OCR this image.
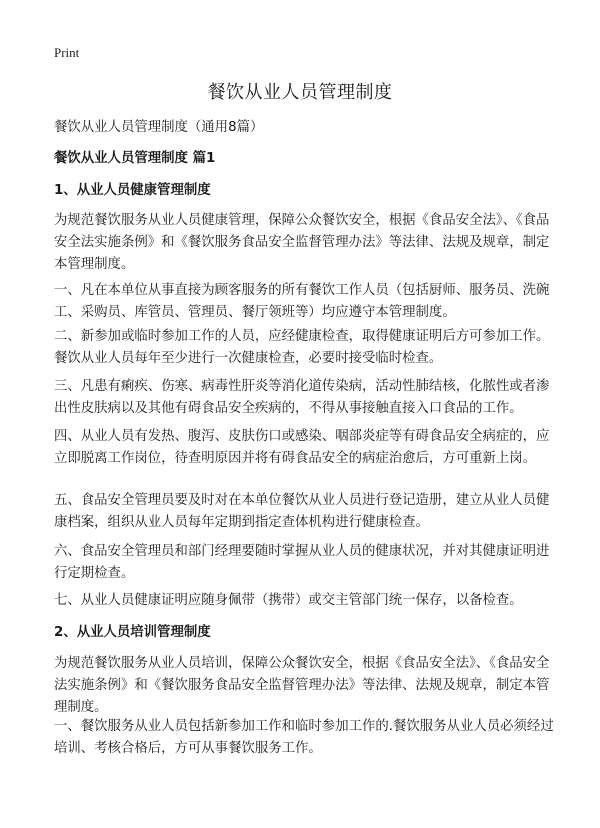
Print
餐饮从业人员管理制度

餐饮从业人员管理制度（通用8篇）

餐饮从业人员管理制度 篇1

1、从业人员健康管理制度

为规范餐饮服务从业人员健康管理，保障公众餐饮安全，根据《食品安全法》、《食品安全法实施条例》和《餐饮服务食品安全监督管理办法》等法律、法规及规章，制定本管理制度。

一、凡在本单位从事直接为顾客服务的所有餐饮工作人员（包括厨师、服务员、洗碗工、采购员、库管员、管理员、餐厅领班等）均应遵守本管理制度。

二、新参加或临时参加工作的人员，应经健康检查，取得健康证明后方可参加工作。餐饮从业人员每年至少进行一次健康检查，必要时接受临时检查。

三、凡患有痢疾、伤寒、病毒性肝炎等消化道传染病，活动性肺结核，化脓性或者渗出性皮肤病以及其他有碍食品安全疾病的，不得从事接触直接入口食品的工作。

四、从业人员有发热、腹泻、皮肤伤口或感染、咽部炎症等有碍食品安全病症的，应立即脱离工作岗位，待查明原因并将有碍食品安全的病症治愈后，方可重新上岗。

五、食品安全管理员要及时对在本单位餐饮从业人员进行登记造册，建立从业人员健康档案，组织从业人员每年定期到指定查体机构进行健康检查。

六、食品安全管理员和部门经理要随时掌握从业人员的健康状况，并对其健康证明进行定期检查。

七、从业人员健康证明应随身佩带（携带）或交主管部门统一保存，以备检查。

2、从业人员培训管理制度

为规范餐饮服务从业人员培训，保障公众餐饮安全，根据《食品安全法》、《食品安全法实施条例》和《餐饮服务食品安全监督管理办法》等法律、法规及规章，制定本管理制度。

一、餐饮服务从业人员包括新参加工作和临时参加工作的.餐饮服务从业人员必须经过培训、考核合格后，方可从事餐饮服务工作。
